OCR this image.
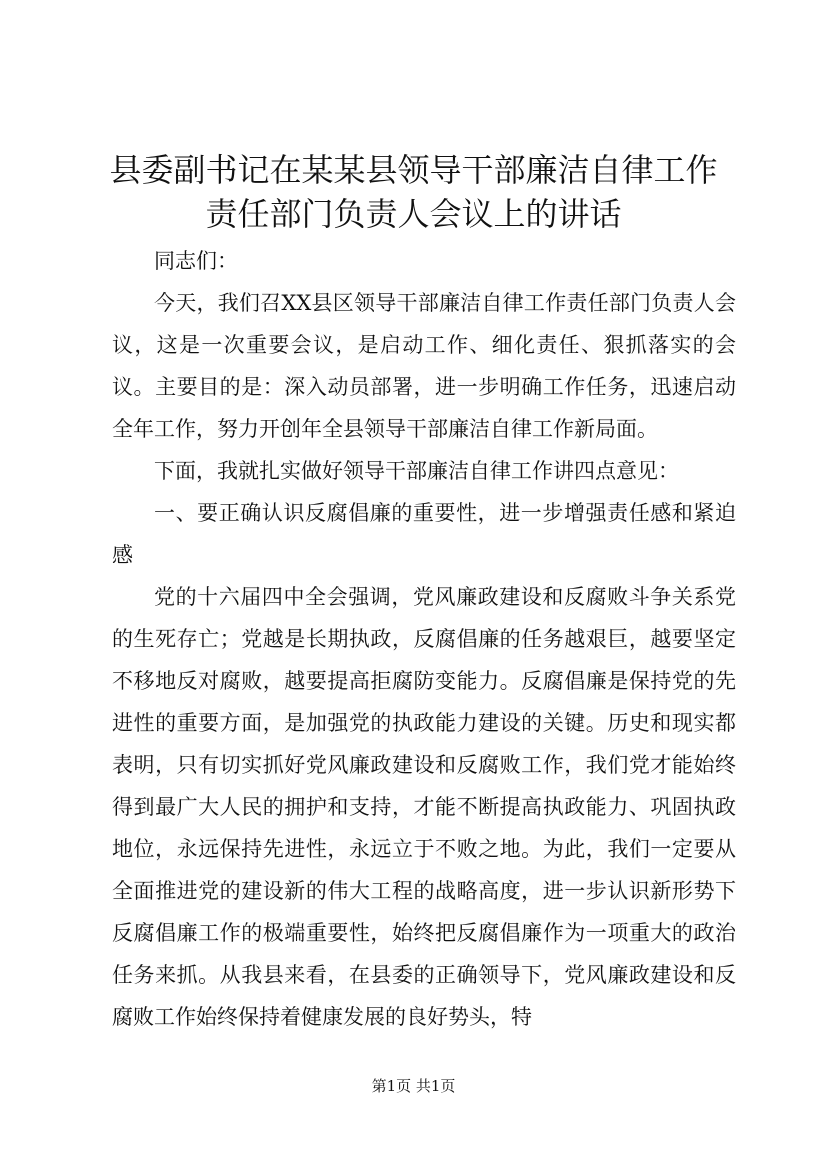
县委副书记在某某县领导干部廉洁自律工作责任部门负责人会议上的讲话

同志们：

今天，我们召XX县区领导干部廉洁自律工作责任部门负责人会议，这是一次重要会议，是启动工作、细化责任、狠抓落实的会议。主要目的是：深入动员部署，进一步明确工作任务，迅速启动全年工作，努力开创年全县领导干部廉洁自律工作新局面。

下面，我就扎实做好领导干部廉洁自律工作讲四点意见：

一、要正确认识反腐倡廉的重要性，进一步增强责任感和紧迫感

党的十六届四中全会强调，党风廉政建设和反腐败斗争关系党的生死存亡；党越是长期执政，反腐倡廉的任务越艰巨，越要坚定不移地反对腐败，越要提高拒腐防变能力。反腐倡廉是保持党的先进性的重要方面，是加强党的执政能力建设的关键。历史和现实都表明，只有切实抓好党风廉政建设和反腐败工作，我们党才能始终得到最广大人民的拥护和支持，才能不断提高执政能力、巩固执政地位，永远保持先进性，永远立于不败之地。为此，我们一定要从全面推进党的建设新的伟大工程的战略高度，进一步认识新形势下反腐倡廉工作的极端重要性，始终把反腐倡廉作为一项重大的政治任务来抓。从我县来看，在县委的正确领导下，党风廉政建设和反腐败工作始终保持着健康发展的良好势头，特

第1页 共1页
